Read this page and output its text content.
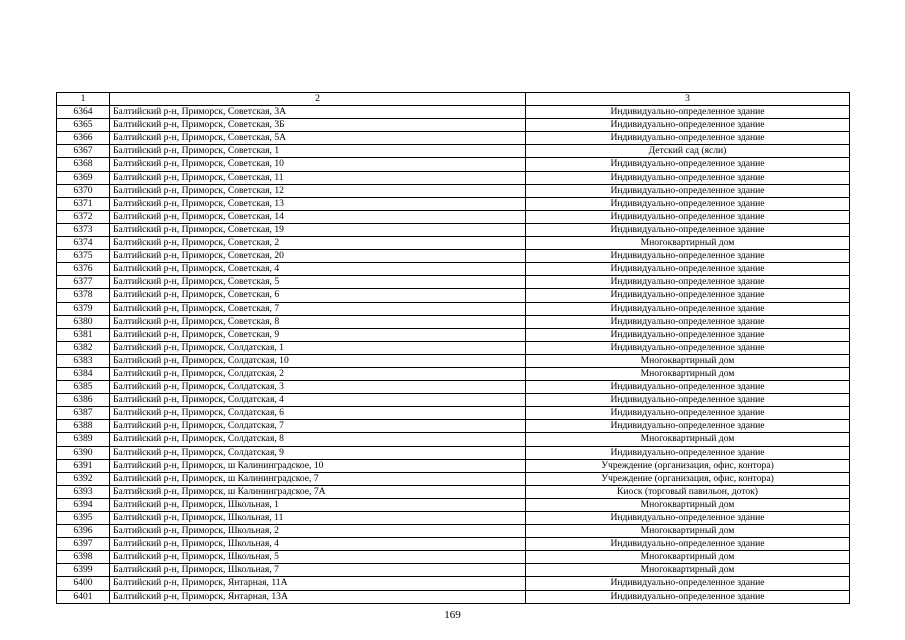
1	2	3
6364	Балтийский р-н, Приморск, Советская, 3А	Индивидуально-определенное здание
6365	Балтийский р-н, Приморск, Советская, 3Б	Индивидуально-определенное здание
6366	Балтийский р-н, Приморск, Советская, 5А	Индивидуально-определенное здание
6367	Балтийский р-н, Приморск, Советская, 1	Детский сад (ясли)
6368	Балтийский р-н, Приморск, Советская, 10	Индивидуально-определенное здание
6369	Балтийский р-н, Приморск, Советская, 11	Индивидуально-определенное здание
6370	Балтийский р-н, Приморск, Советская, 12	Индивидуально-определенное здание
6371	Балтийский р-н, Приморск, Советская, 13	Индивидуально-определенное здание
6372	Балтийский р-н, Приморск, Советская, 14	Индивидуально-определенное здание
6373	Балтийский р-н, Приморск, Советская, 19	Индивидуально-определенное здание
6374	Балтийский р-н, Приморск, Советская, 2	Многоквартирный дом
6375	Балтийский р-н, Приморск, Советская, 20	Индивидуально-определенное здание
6376	Балтийский р-н, Приморск, Советская, 4	Индивидуально-определенное здание
6377	Балтийский р-н, Приморск, Советская, 5	Индивидуально-определенное здание
6378	Балтийский р-н, Приморск, Советская, 6	Индивидуально-определенное здание
6379	Балтийский р-н, Приморск, Советская, 7	Индивидуально-определенное здание
6380	Балтийский р-н, Приморск, Советская, 8	Индивидуально-определенное здание
6381	Балтийский р-н, Приморск, Советская, 9	Индивидуально-определенное здание
6382	Балтийский р-н, Приморск, Солдатская, 1	Индивидуально-определенное здание
6383	Балтийский р-н, Приморск, Солдатская, 10	Многоквартирный дом
6384	Балтийский р-н, Приморск, Солдатская, 2	Многоквартирный дом
6385	Балтийский р-н, Приморск, Солдатская, 3	Индивидуально-определенное здание
6386	Балтийский р-н, Приморск, Солдатская, 4	Индивидуально-определенное здание
6387	Балтийский р-н, Приморск, Солдатская, 6	Индивидуально-определенное здание
6388	Балтийский р-н, Приморск, Солдатская, 7	Индивидуально-определенное здание
6389	Балтийский р-н, Приморск, Солдатская, 8	Многоквартирный дом
6390	Балтийский р-н, Приморск, Солдатская, 9	Индивидуально-определенное здание
6391	Балтийский р-н, Приморск, ш Калининградское, 10	Учреждение (организация, офис, контора)
6392	Балтийский р-н, Приморск, ш Калининградское, 7	Учреждение (организация, офис, контора)
6393	Балтийский р-н, Приморск, ш Калининградское, 7А	Киоск (торговый павильон, доток)
6394	Балтийский р-н, Приморск, Школьная, 1	Многоквартирный дом
6395	Балтийский р-н, Приморск, Школьная, 11	Индивидуально-определенное здание
6396	Балтийский р-н, Приморск, Школьная, 2	Многоквартирный дом
6397	Балтийский р-н, Приморск, Школьная, 4	Индивидуально-определенное здание
6398	Балтийский р-н, Приморск, Школьная, 5	Многоквартирный дом
6399	Балтийский р-н, Приморск, Школьная, 7	Многоквартирный дом
6400	Балтийский р-н, Приморск, Янтарная, 11А	Индивидуально-определенное здание
6401	Балтийский р-н, Приморск, Янтарная, 13А	Индивидуально-определенное здание
169
